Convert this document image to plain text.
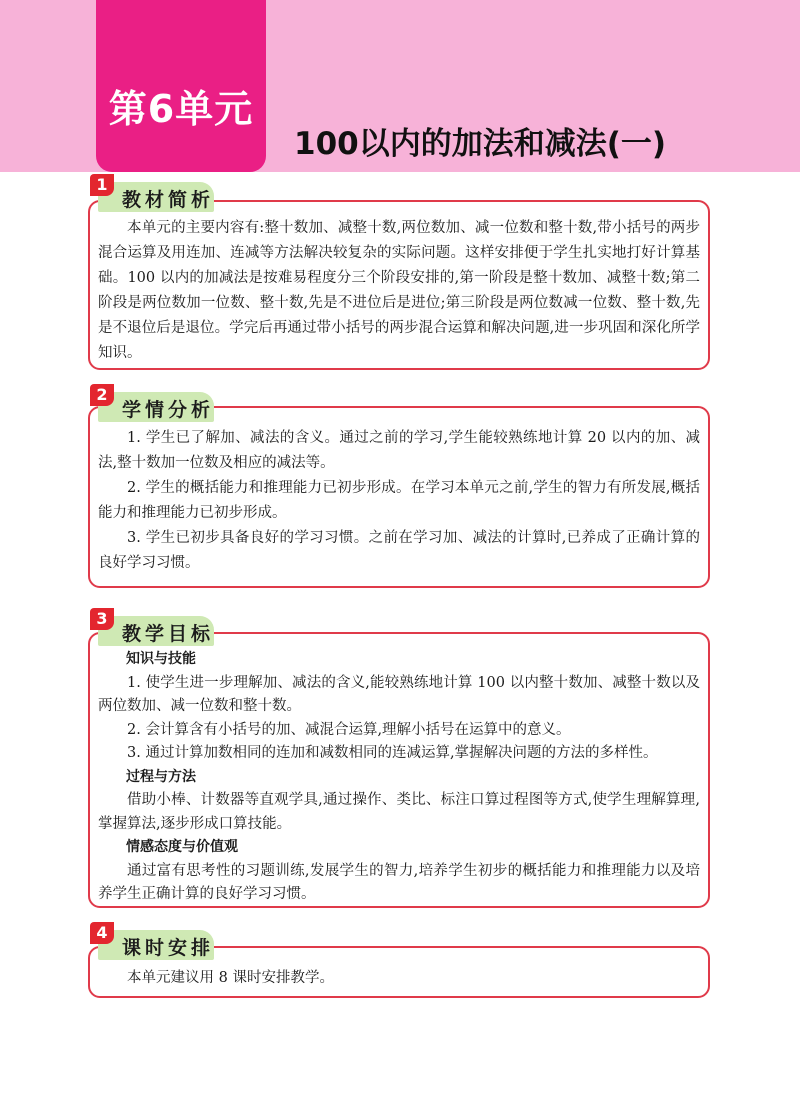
第6单元
100以内的加法和减法(一)
1
教材简析

本单元的主要内容有:整十数加、减整十数,两位数加、减一位数和整十数,带小括号的两步混合运算及用连加、连减等方法解决较复杂的实际问题。这样安排便于学生扎实地打好计算基础。100 以内的加减法是按难易程度分三个阶段安排的,第一阶段是整十数加、减整十数;第二阶段是两位数加一位数、整十数,先是不进位后是进位;第三阶段是两位数减一位数、整十数,先是不退位后是退位。学完后再通过带小括号的两步混合运算和解决问题,进一步巩固和深化所学知识。

2
学情分析

1. 学生已了解加、减法的含义。通过之前的学习,学生能较熟练地计算 20 以内的加、减法,整十数加一位数及相应的减法等。

2. 学生的概括能力和推理能力已初步形成。在学习本单元之前,学生的智力有所发展,概括能力和推理能力已初步形成。

3. 学生已初步具备良好的学习习惯。之前在学习加、减法的计算时,已养成了正确计算的良好学习习惯。

3
教学目标

知识与技能

1. 使学生进一步理解加、减法的含义,能较熟练地计算 100 以内整十数加、减整十数以及两位数加、减一位数和整十数。

2. 会计算含有小括号的加、减混合运算,理解小括号在运算中的意义。

3. 通过计算加数相同的连加和减数相同的连减运算,掌握解决问题的方法的多样性。

过程与方法

借助小棒、计数器等直观学具,通过操作、类比、标注口算过程图等方式,使学生理解算理,掌握算法,逐步形成口算技能。

情感态度与价值观

通过富有思考性的习题训练,发展学生的智力,培养学生初步的概括能力和推理能力以及培养学生正确计算的良好学习习惯。

4
课时安排

本单元建议用 8 课时安排教学。
